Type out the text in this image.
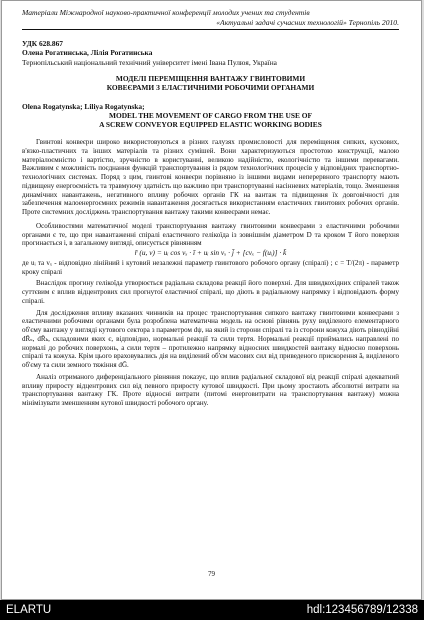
Матеріали Міжнародної науково-практичної конференції молодих учених та студентів
«Актуальні задачі сучасних технологій» Тернопіль 2010.
УДК 628.867
Олена Рогатинська, Лілія Рогатинська
Тернопільський національний технічний університет імені Івана Пулюя, Україна
МОДЕЛІ ПЕРЕМІЩЕННЯ ВАНТАЖУ ГВИНТОВИМИ
КОВЕЄРАМИ З ЕЛАСТИЧНИМИ РОБОЧИМИ ОРГАНАМИ
Olena Rogatynska; Liliya Rogatynska;
MODEL THE MOVEMENT OF CARGO FROM THE USE OF
A SCREW CONVEYOR EQUIPPED ELASTIC WORKING BODIES

Гвинтові конвеєри широко використовуються в різних галузях промисловості для переміщення сипких, кускових, в'язко-пластичних та інших матеріалів та різних сумішей. Вони характеризуються простотою конструкції, малою матеріалоємністю і вартістю, зручністю в користуванні, великою надійністю, екологічністю та іншими перевагами. Важливим є можливість поєднання функцій транспортування із рядом технологічних процесів у відповідних транспортно-технологічних системах. Поряд з цим, гвинтові конвеєри порівняно із іншими видами неперервного транспорту мають підвищену енергоємність та травмуючу здатність що важливо при транспортуванні насінневих матеріалів, тощо. Зменшення динамічних навантажень, негативного впливу робочих органів ГК на вантаж та підвищення їх довговічності для забезпечення малоенергоємних режимів навантаження досягається використанням еластичних гвинтових робочих органів. Проте системних досліджень транспортування вантажу такими конвеєрами немає.

Особливостями математичної моделі транспортування вантажу гвинтовими конвеєрами з еластичними робочими органами є те, що при навантаженні спіралі еластичного гелікоїда із зовнішнім діаметром D та кроком T його поверхня прогинається і, в загальному вигляді, описується рівнянням

r̄ (u, v) = uᵢ cos vₓ · ī + uᵢ sin vₓ · j̄ + [cvₓ − f(uᵢ)] · k̄

де uᵢ та vₓ - відповідно лінійний і кутовий незалежні параметр гвинтового робочого органу (спіралі) ; c = T/(2π) - параметр кроку спіралі

Внаслідок прогину гелікоїда утворюється радіальна складова реакції його поверхні. Для швидкохідних спіралей також суттєвим є вплив відцентрових сил прогнутої еластичної спіралі, що діють в радіальному напрямку і відповідають форму спіралі.

Для дослідження впливу вказаних чинників на процес транспортування сипкого вантажу гвинтовими конвеєрами з еластичними робочими органами була розроблена математична модель на основі рівнянь руху виділеного елементарного об'єму вантажу у вигляді кутового сектора з параметром dψ, на який із сторони спіралі та із сторони кожуха діють рівнодійні dR̄ₛ, dR̄ₖ, складовими яких є, відповідно, нормальні реакції та сили тертя. Нормальні реакції приймались направлені по нормалі до робочих поверхонь, а сили тертя – протилежно напрямку відносних швидкостей вантажу відносно поверхонь спіралі та кожуха. Крім цього враховувались дія на виділений об'єм масових сил від приведеного прискорення āₑ виділеного об'єму та сили земного тяжіння dḠ.

Аналіз отриманого диференціального рівняння показує, що вплив радіальної складової від реакції спіралі адекватний впливу приросту відцентрових сил від певного приросту кутової швидкості. При цьому зростають абсолютні витрати на транспортування вантажу ГК. Проте відносні витрати (питомі енерговитрати на транспортування вантажу) можна мінімізувати зменшенням кутової швидкості робочого органу.

79
ELARTU	hdl:123456789/12338
